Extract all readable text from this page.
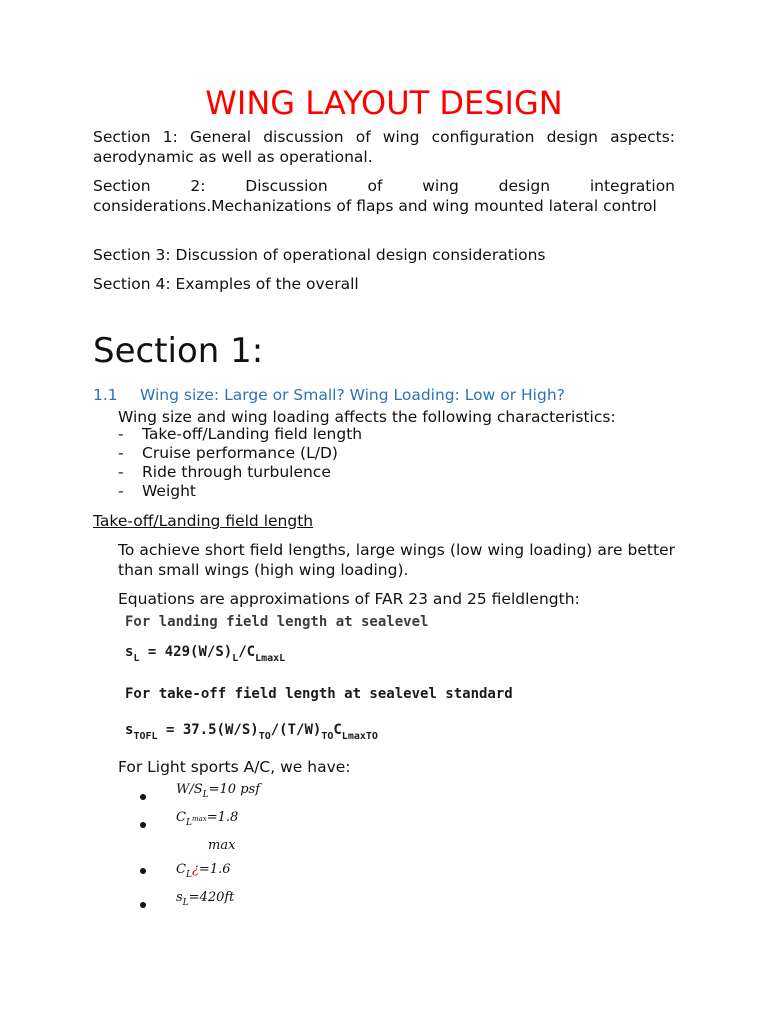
WING LAYOUT DESIGN
Section 1: General discussion of wing configuration design aspects: aerodynamic as well as operational.
Section 2: Discussion of wing design integration considerations.Mechanizations of flaps and wing mounted lateral control
Section 3: Discussion of operational design considerations
Section 4: Examples of the overall
Section 1:
1.1 Wing size: Large or Small? Wing Loading: Low or High?
Wing size and wing loading affects the following characteristics:
- Take-off/Landing field length
- Cruise performance (L/D)
- Ride through turbulence
- Weight
Take-off/Landing field length
To achieve short field lengths, large wings (low wing loading) are better than small wings (high wing loading).
Equations are approximations of FAR 23 and 25 fieldlength:
For landing field length at sealevel
$s_L = 429(W/S)_L/C_{LmaxL}$
For take-off field length at sealevel standard
$s_{TOFL} = 37.5(W/S)_{TO}/(T/W)_{TO}C_{LmaxTO}$
For Light sports A/C, we have:
$W/S_L=10$ psf
$C_L\max=1.8$
max
$C_L¿=1.6$
$s_L=420ft$
